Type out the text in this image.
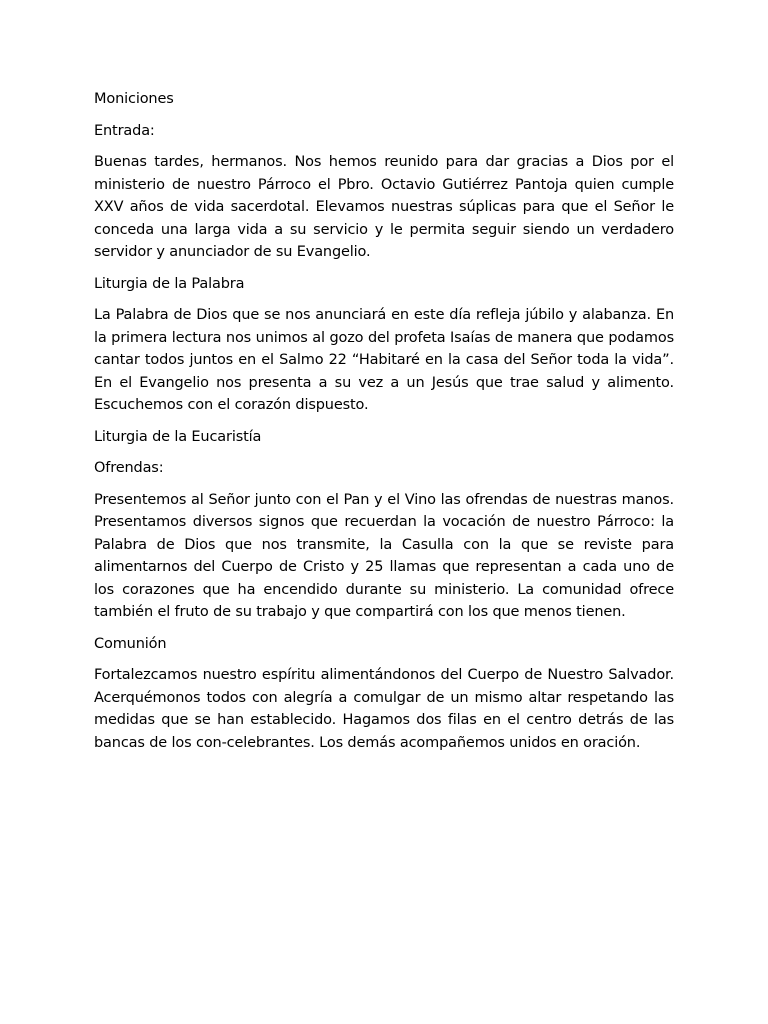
Moniciones

Entrada:

Buenas tardes, hermanos. Nos hemos reunido para dar gracias a Dios por el ministerio de nuestro Párroco el Pbro. Octavio Gutiérrez Pantoja quien cumple XXV años de vida sacerdotal. Elevamos nuestras súplicas para que el Señor le conceda una larga vida a su servicio y le permita seguir siendo un verdadero servidor y anunciador de su Evangelio.

Liturgia de la Palabra

La Palabra de Dios que se nos anunciará en este día refleja júbilo y alabanza. En la primera lectura nos unimos al gozo del profeta Isaías de manera que podamos cantar todos juntos en el Salmo 22 “Habitaré en la casa del Señor toda la vida”. En el Evangelio nos presenta a su vez a un Jesús que trae salud y alimento. Escuchemos con el corazón dispuesto.

Liturgia de la Eucaristía

Ofrendas:

Presentemos al Señor junto con el Pan y el Vino las ofrendas de nuestras manos. Presentamos diversos signos que recuerdan la vocación de nuestro Párroco: la Palabra de Dios que nos transmite, la Casulla con la que se reviste para alimentarnos del Cuerpo de Cristo y 25 llamas que representan a cada uno de los corazones que ha encendido durante su ministerio. La comunidad ofrece también el fruto de su trabajo y que compartirá con los que menos tienen.

Comunión

Fortalezcamos nuestro espíritu alimentándonos del Cuerpo de Nuestro Salvador. Acerquémonos todos con alegría a comulgar de un mismo altar respetando las medidas que se han establecido. Hagamos dos filas en el centro detrás de las bancas de los con-celebrantes. Los demás acompañemos unidos en oración.
